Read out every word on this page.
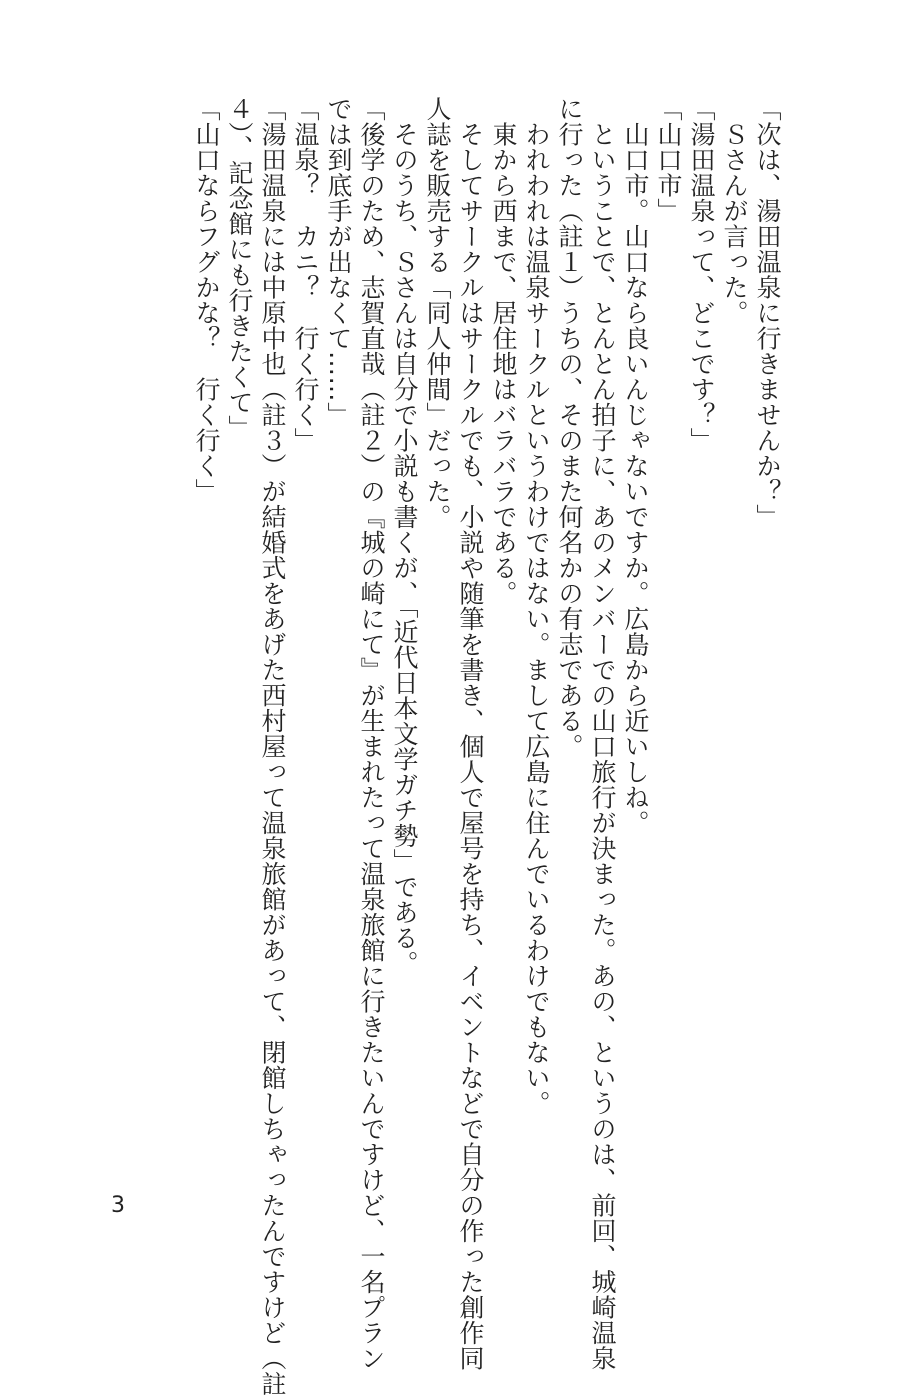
「次は、湯田温泉に行きませんか？」
　Ｓさんが言った。
「湯田温泉って、どこです？」
「山口市」
　山口市。山口なら良いんじゃないですか。広島から近いしね。
　ということで、とんとん拍子に、あのメンバーでの山口旅行が決まった。あの、というのは、前回、城崎温泉
に行った（註１）うちの、そのまた何名かの有志である。
　われわれは温泉サークルというわけではない。まして広島に住んでいるわけでもない。
　東から西まで、居住地はバラバラである。
　そしてサークルはサークルでも、小説や随筆を書き、個人で屋号を持ち、イベントなどで自分の作った創作同
人誌を販売する「同人仲間」だった。
　そのうち、Ｓさんは自分で小説も書くが、「近代日本文学ガチ勢」である。
「後学のため、志賀直哉（註２）の『城の崎にて』が生まれたって温泉旅館に行きたいんですけど、一名プラン
では到底手が出なくて……」
「温泉？　カニ？　行く行く」
「湯田温泉には中原中也（註３）が結婚式をあげた西村屋って温泉旅館があって、閉館しちゃったんですけど（註
４）、記念館にも行きたくて」
「山口ならフグかな？　行く行く」
3
